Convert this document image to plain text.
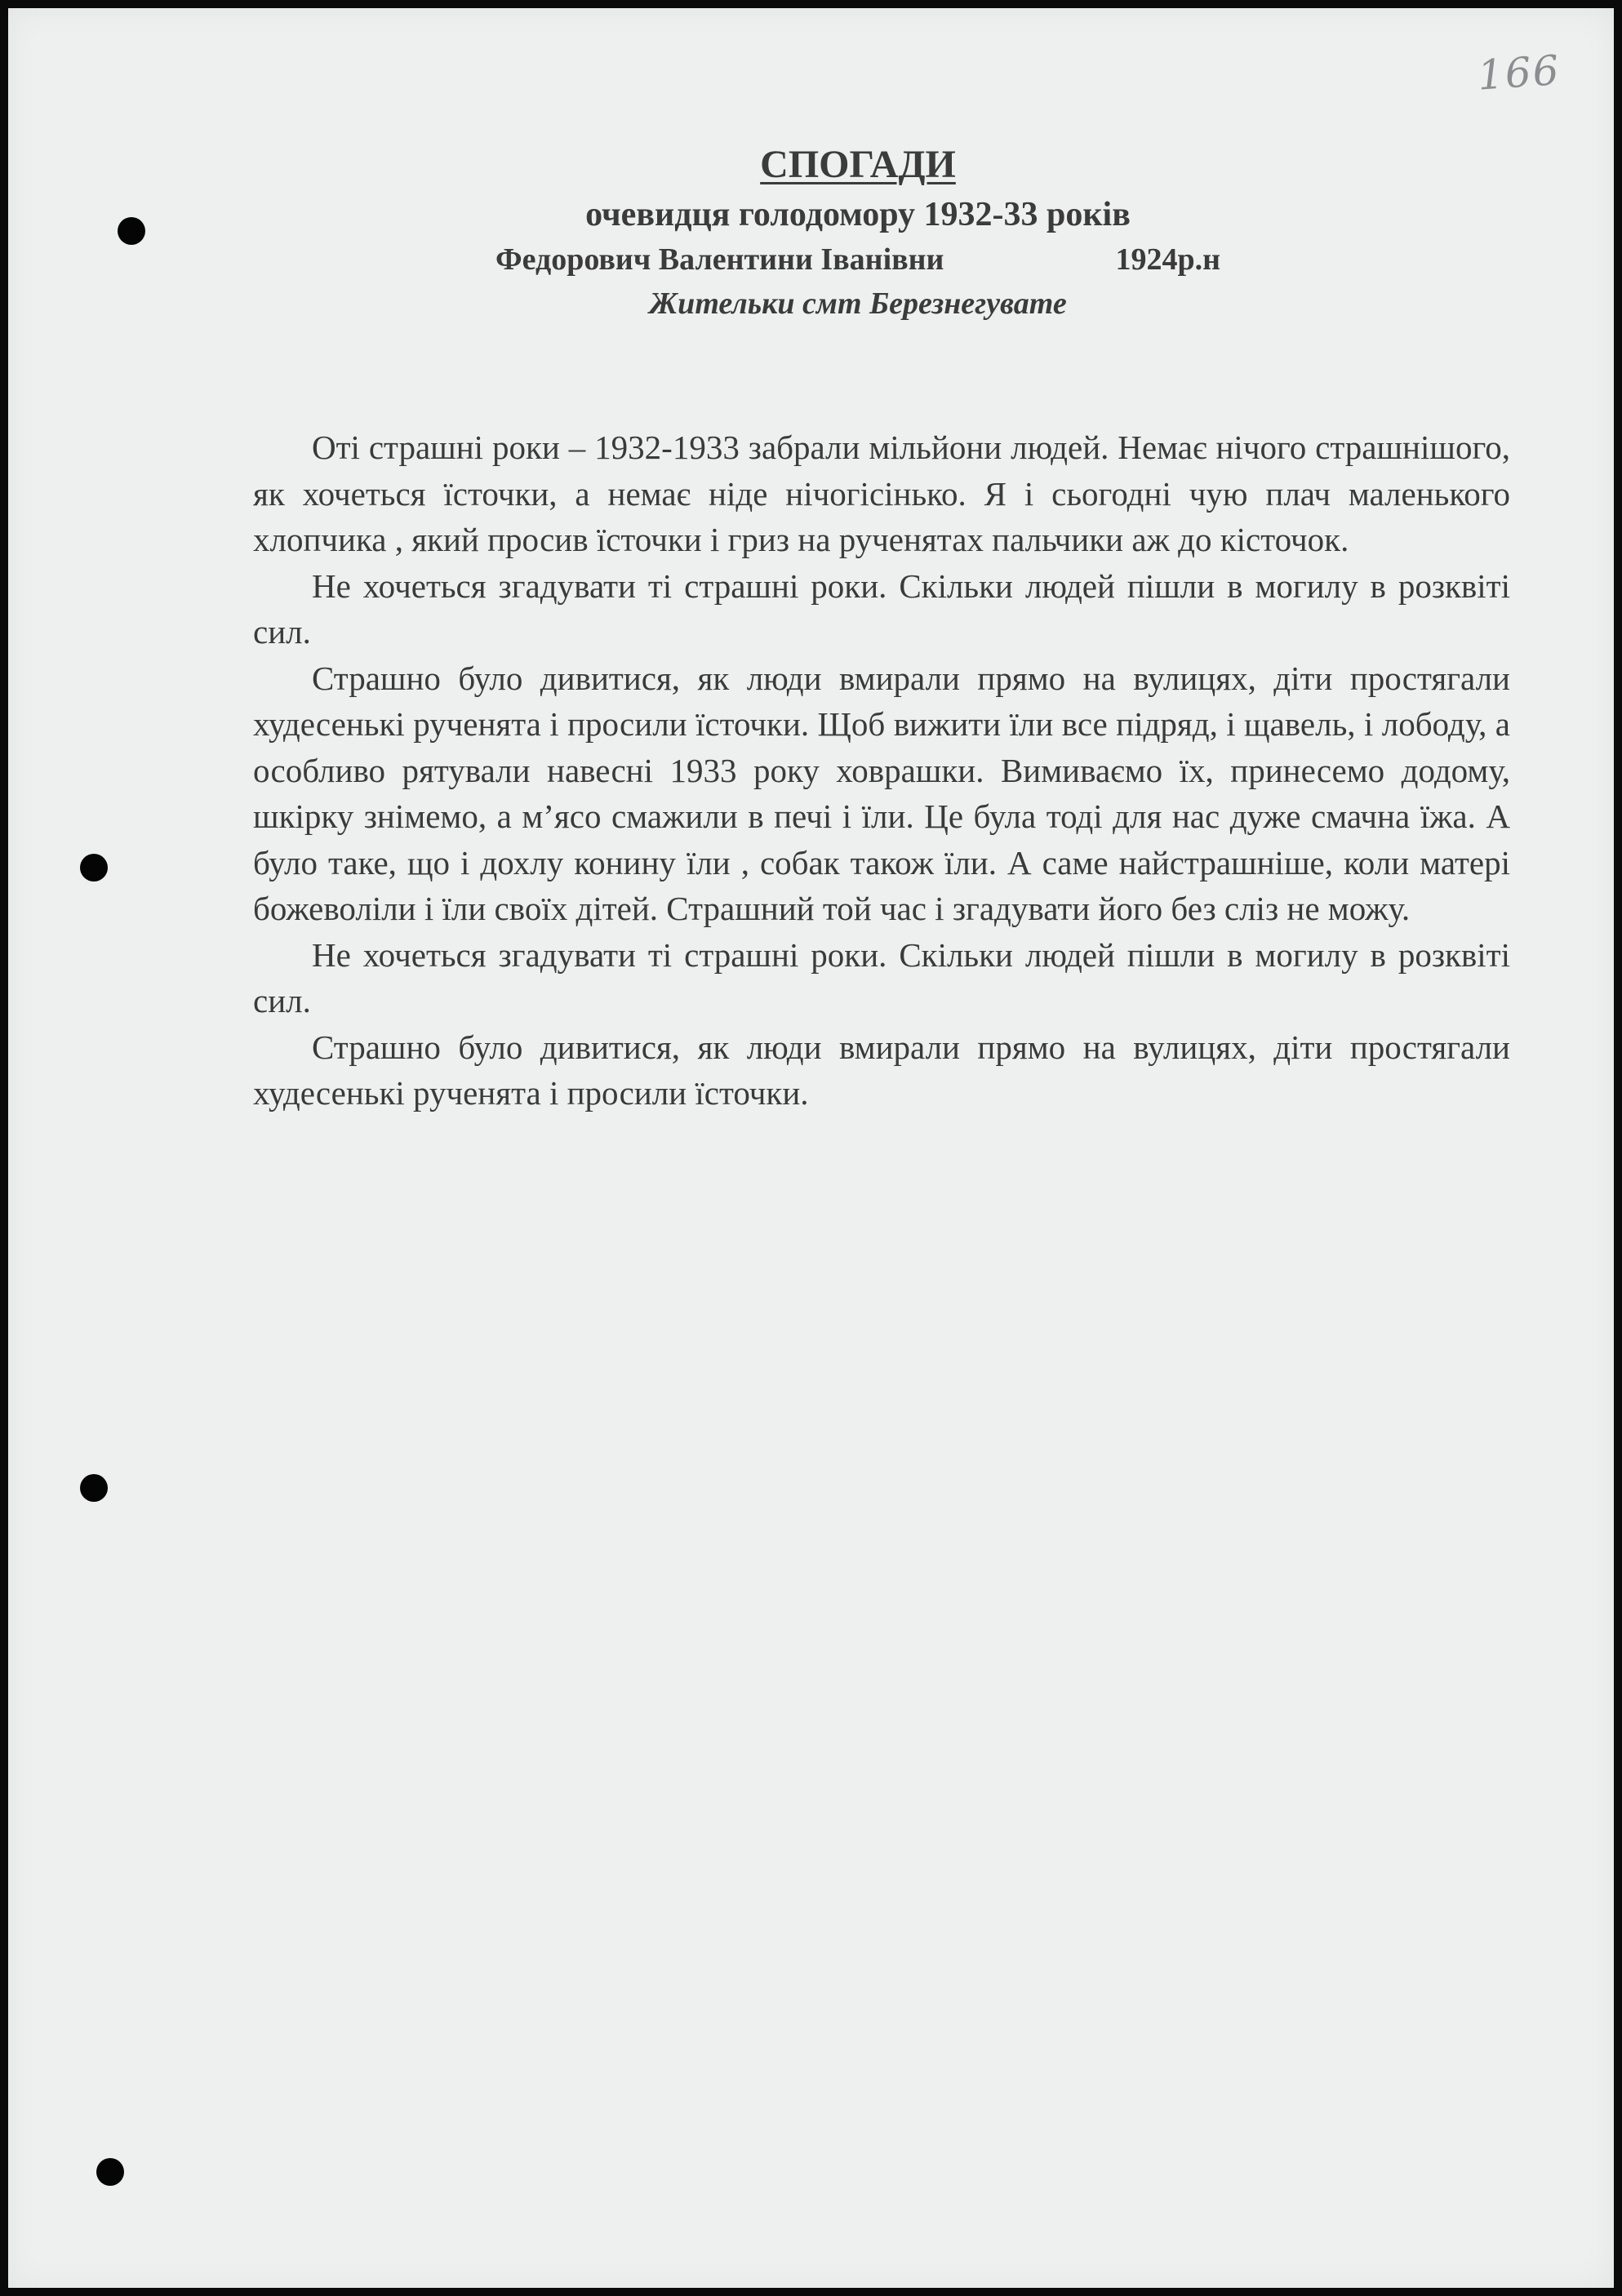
166
СПОГАДИ
очевидця голодомору 1932-33 років
Федорович Валентини Іванівни	1924р.н
Жительки смт Березнегувате

Оті страшні роки – 1932-1933 забрали мільйони людей. Немає нічого страшнішого, як хочеться їсточки, а немає ніде нічогісінько. Я і сьогодні чую плач маленького хлопчика , який просив їсточки і гриз на рученятах пальчики аж до кісточок.

Не хочеться згадувати ті страшні роки. Скільки людей пішли в могилу в розквіті сил.

Страшно було дивитися, як люди вмирали прямо на вулицях, діти простягали худесенькі рученята і просили їсточки. Щоб вижити їли все підряд, і щавель, і лободу, а особливо рятували навесні 1933 року ховрашки. Вимиваємо їх, принесемо додому, шкірку знімемо, а м’ясо смажили в печі і їли. Це була тоді для нас дуже смачна їжа. А було таке, що і дохлу конину їли , собак також їли. А саме найстрашніше, коли матері божеволіли і їли своїх дітей. Страшний той час і згадувати його без сліз не можу.

Не хочеться згадувати ті страшні роки. Скільки людей пішли в могилу в розквіті сил.

Страшно було дивитися, як люди вмирали прямо на вулицях, діти простягали худесенькі рученята і просили їсточки.
